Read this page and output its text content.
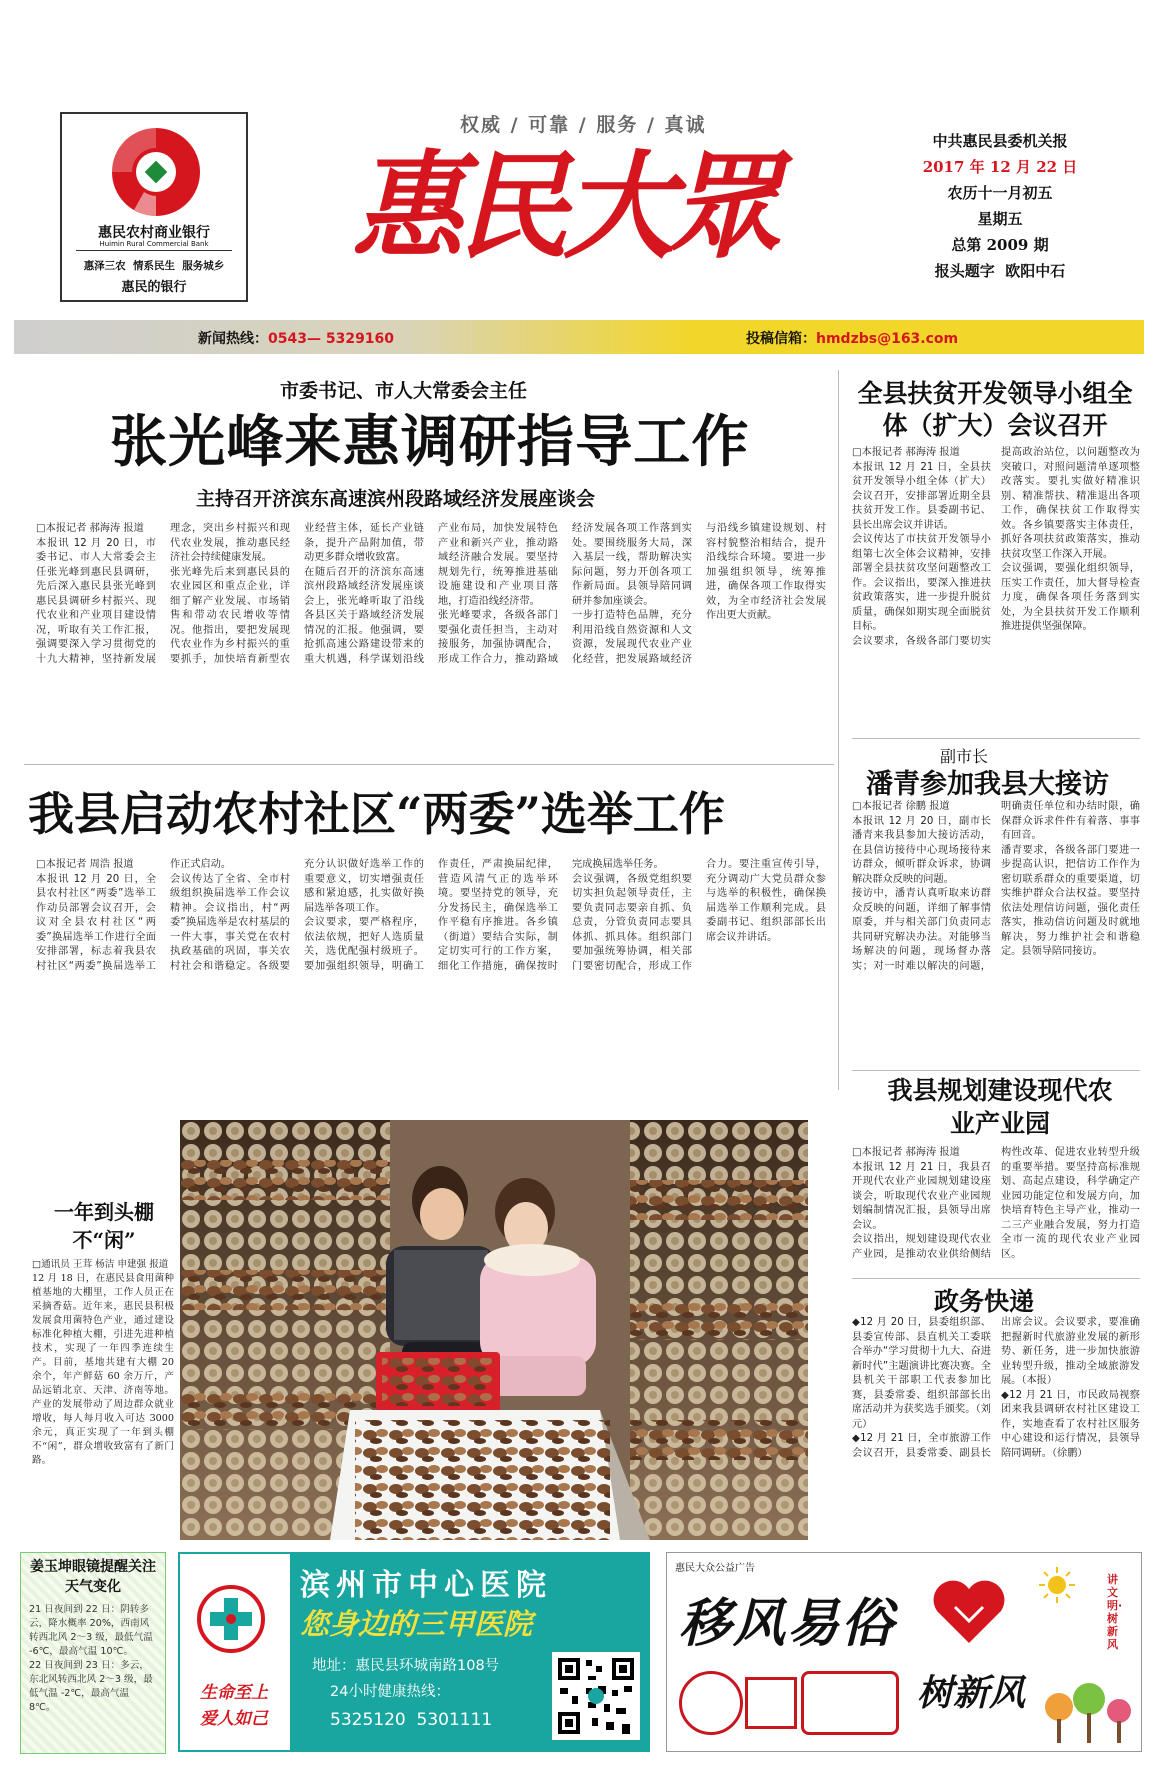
惠民农村商业银行
Huimin Rural Commercial Bank
惠泽三农  情系民生  服务城乡
惠民的银行
权威 / 可靠 / 服务 / 真诚
惠民大眾	中共惠民县委机关报
2017 年 12 月 22 日
农历十一月初五
星期五
总第 2009 期
报头题字  欧阳中石
新闻热线：0543— 5329160	投稿信箱：hmdzbs@163.com
市委书记、市人大常委会主任
张光峰来惠调研指导工作
主持召开济滨东高速滨州段路域经济发展座谈会
□本报记者 郝海涛 报道
本报讯 12 月 20 日，市委书记、市人大常委会主任张光峰到惠民县调研，先后深入惠民县张光峰到惠民县调研乡村振兴、现代农业和产业项目建设情况，听取有关工作汇报，强调要深入学习贯彻党的十九大精神，坚持新发展理念，突出乡村振兴和现代农业发展，推动惠民经济社会持续健康发展。
张光峰先后来到惠民县的农业园区和重点企业，详细了解产业发展、市场销售和带动农民增收等情况。他指出，要把发展现代农业作为乡村振兴的重要抓手，加快培育新型农业经营主体，延长产业链条，提升产品附加值，带动更多群众增收致富。
在随后召开的济滨东高速滨州段路域经济发展座谈会上，张光峰听取了沿线各县区关于路域经济发展情况的汇报。他强调，要抢抓高速公路建设带来的重大机遇，科学谋划沿线产业布局，加快发展特色产业和新兴产业，推动路域经济融合发展。要坚持规划先行，统筹推进基础设施建设和产业项目落地，打造沿线经济带。
张光峰要求，各级各部门要强化责任担当，主动对接服务，加强协调配合，形成工作合力，推动路域经济发展各项工作落到实处。要围绕服务大局，深入基层一线，帮助解决实际问题，努力开创各项工作新局面。县领导陪同调研并参加座谈会。
一步打造特色品牌，充分利用沿线自然资源和人文资源，发展现代农业产业化经营，把发展路域经济与沿线乡镇建设规划、村容村貌整治相结合，提升沿线综合环境。要进一步加强组织领导，统筹推进，确保各项工作取得实效，为全市经济社会发展作出更大贡献。
全县扶贫开发领导小组全体（扩大）会议召开
□本报记者 郝海涛 报道
本报讯 12 月 21 日，全县扶贫开发领导小组全体（扩大）会议召开，安排部署近期全县扶贫开发工作。县委副书记、县长出席会议并讲话。
会议传达了市扶贫开发领导小组第七次全体会议精神，安排部署全县扶贫攻坚问题整改工作。会议指出，要深入推进扶贫政策落实，进一步提升脱贫质量，确保如期实现全面脱贫目标。
会议要求，各级各部门要切实提高政治站位，以问题整改为突破口，对照问题清单逐项整改落实。要扎实做好精准识别、精准帮扶、精准退出各项工作，确保扶贫工作取得实效。各乡镇要落实主体责任，抓好各项扶贫政策落实，推动扶贫攻坚工作深入开展。
会议强调，要强化组织领导，压实工作责任，加大督导检查力度，确保各项任务落到实处，为全县扶贫开发工作顺利推进提供坚强保障。
副市长
潘青参加我县大接访
□本报记者 徐鹏 报道
本报讯 12 月 20 日，副市长潘青来我县参加大接访活动，在县信访接待中心现场接待来访群众，倾听群众诉求，协调解决群众反映的问题。
接访中，潘青认真听取来访群众反映的问题，详细了解事情原委，并与相关部门负责同志共同研究解决办法。对能够当场解决的问题，现场督办落实；对一时难以解决的问题，明确责任单位和办结时限，确保群众诉求件件有着落、事事有回音。
潘青要求，各级各部门要进一步提高认识，把信访工作作为密切联系群众的重要渠道，切实维护群众合法权益。要坚持依法处理信访问题，强化责任落实，推动信访问题及时就地解决，努力维护社会和谐稳定。县领导陪同接访。
我县启动农村社区“两委”选举工作
□本报记者 周浩 报道
本报讯 12 月 20 日，全县农村社区“两委”选举工作动员部署会议召开，会议对全县农村社区“两委”换届选举工作进行全面安排部署，标志着我县农村社区“两委”换届选举工作正式启动。
会议传达了全省、全市村级组织换届选举工作会议精神。会议指出，村“两委”换届选举是农村基层的一件大事，事关党在农村执政基础的巩固，事关农村社会和谐稳定。各级要充分认识做好选举工作的重要意义，切实增强责任感和紧迫感，扎实做好换届选举各项工作。
会议要求，要严格程序，依法依规，把好人选质量关，选优配强村级班子。要加强组织领导，明确工作责任，严肃换届纪律，营造风清气正的选举环境。要坚持党的领导，充分发扬民主，确保选举工作平稳有序推进。各乡镇（街道）要结合实际，制定切实可行的工作方案，细化工作措施，确保按时完成换届选举任务。
会议强调，各级党组织要切实担负起领导责任，主要负责同志要亲自抓、负总责，分管负责同志要具体抓、抓具体。组织部门要加强统筹协调，相关部门要密切配合，形成工作合力。要注重宣传引导，充分调动广大党员群众参与选举的积极性，确保换届选举工作顺利完成。县委副书记、组织部部长出席会议并讲话。
我县规划建设现代农业产业园
□本报记者 郝海涛 报道
本报讯 12 月 21 日，我县召开现代农业产业园规划建设座谈会，听取现代农业产业园规划编制情况汇报，县领导出席会议。
会议指出，规划建设现代农业产业园，是推动农业供给侧结构性改革、促进农业转型升级的重要举措。要坚持高标准规划、高起点建设，科学确定产业园功能定位和发展方向，加快培育特色主导产业，推动一二三产业融合发展，努力打造全市一流的现代农业产业园区。
政务快递
◆12 月 20 日，县委组织部、县委宣传部、县直机关工委联合举办“学习贯彻十九大、奋进新时代”主题演讲比赛决赛。全县机关干部职工代表参加比赛，县委常委、组织部部长出席活动并为获奖选手颁奖。（刘元）
◆12 月 21 日，全市旅游工作会议召开，县委常委、副县长出席会议。会议要求，要准确把握新时代旅游业发展的新形势、新任务，进一步加快旅游业转型升级，推动全域旅游发展。（本报）
◆12 月 21 日，市民政局视察团来我县调研农村社区建设工作，实地查看了农村社区服务中心建设和运行情况，县领导陪同调研。（徐鹏）
一年到头棚不“闲”
□通讯员 王茸 杨洁 申建强 报道
12 月 18 日，在惠民县食用菌种植基地的大棚里，工作人员正在采摘香菇。近年来，惠民县积极发展食用菌特色产业，通过建设标准化种植大棚，引进先进种植技术，实现了一年四季连续生产。目前，基地共建有大棚 20 余个，年产鲜菇 60 余万斤，产品远销北京、天津、济南等地。产业的发展带动了周边群众就业增收，每人每月收入可达 3000 余元，真正实现了一年到头棚不“闲”，群众增收致富有了新门路。
姜玉坤眼镜提醒关注天气变化
21 日夜间到 22 日：阴转多云，降水概率 20%，西南风转西北风 2～3 级，最低气温 -6℃，最高气温 10℃。
22 日夜间到 23 日：多云，东北风转西北风 2～3 级，最低气温 -2℃，最高气温 8℃。
生命至上
爱人如己
滨州市中心医院
您身边的三甲医院
地址：惠民县环城南路108号
24小时健康热线：
5325120  5301111
惠民大众公益广告
移风易俗
讲文明·树新风
树新风
